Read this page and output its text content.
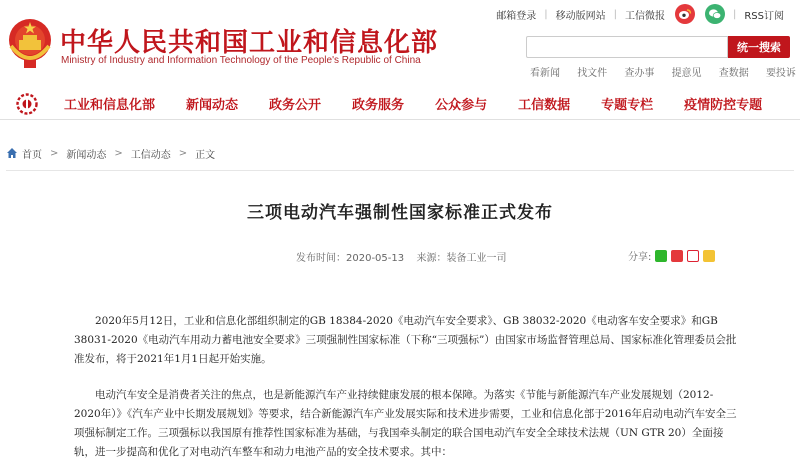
中华人民共和国工业和信息化部
Ministry of Industry and Information Technology of the People's Republic of China
邮箱登录 | 移动版网站 | 工信微报	| RSS订阅
统一搜索
看新闻 找文件 查办事 提意见 查数据 要投诉
工业和信息化部 新闻动态 政务公开 政务服务 公众参与 工信数据 专题专栏 疫情防控专题
首页 > 新闻动态 > 工信动态 > 正文
三项电动汽车强制性国家标准正式发布
发布时间：2020-05-13 来源：装备工业一司	分享:

2020年5月12日，工业和信息化部组织制定的GB 18384-2020《电动汽车安全要求》、GB 38032-2020《电动客车安全要求》和GB 38031-2020《电动汽车用动力蓄电池安全要求》三项强制性国家标准（下称“三项强标”）由国家市场监督管理总局、国家标准化管理委员会批准发布，将于2021年1月1日起开始实施。

电动汽车安全是消费者关注的焦点，也是新能源汽车产业持续健康发展的根本保障。为落实《节能与新能源汽车产业发展规划（2012-2020年）》《汽车产业中长期发展规划》等要求，结合新能源汽车产业发展实际和技术进步需要，工业和信息化部于2016年启动电动汽车安全三项强标制定工作。三项强标以我国原有推荐性国家标准为基础，与我国牵头制定的联合国电动汽车安全全球技术法规（UN GTR 20）全面接轨，进一步提高和优化了对电动汽车整车和动力电池产品的安全技术要求。其中：
